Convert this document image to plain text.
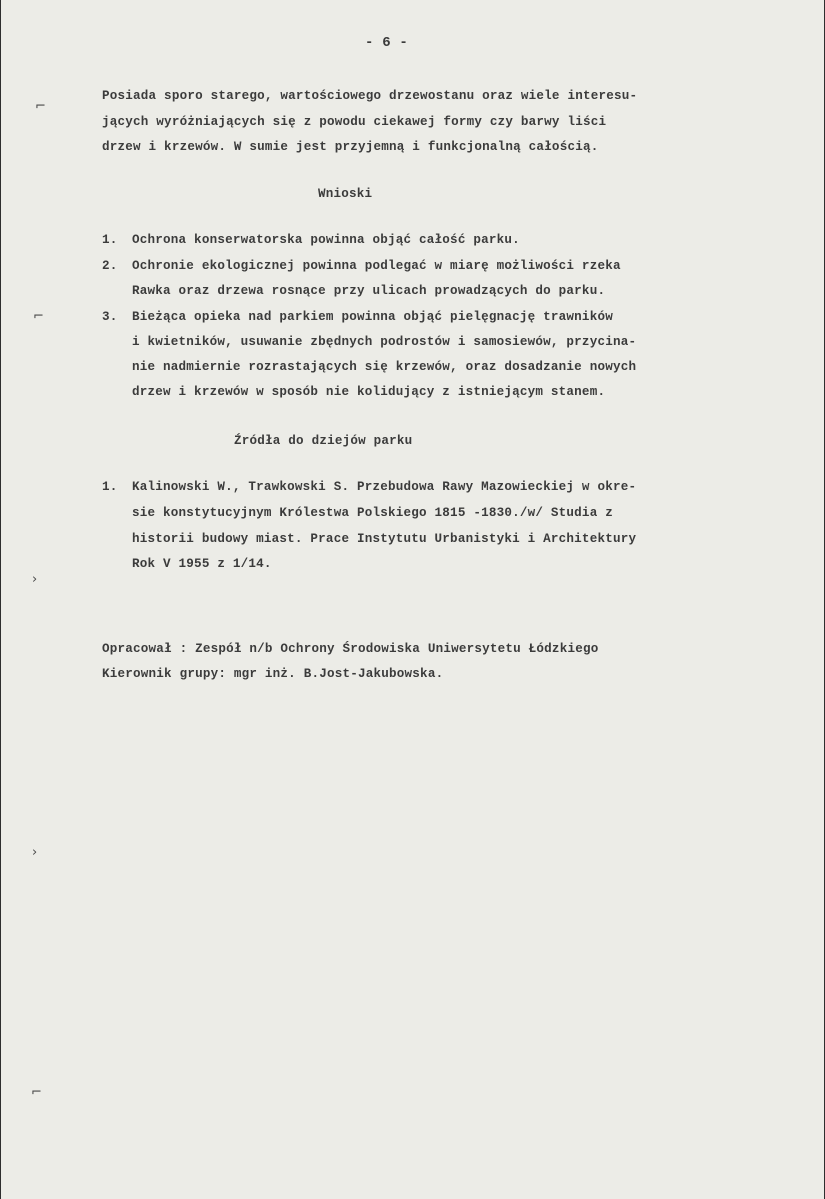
- 6 -

Posiada sporo starego, wartościowego drzewostanu oraz wiele interesu-

jących wyróżniających się z powodu ciekawej formy czy barwy liści

drzew i krzewów. W sumie jest przyjemną i funkcjonalną całością.

Wnioski

1. Ochrona konserwatorska powinna objąć całość parku.

2. Ochronie ekologicznej powinna podlegać w miarę możliwości rzeka

Rawka oraz drzewa rosnące przy ulicach prowadzących do parku.

3. Bieżąca opieka nad parkiem powinna objąć pielęgnację trawników

i kwietników, usuwanie zbędnych podrostów i samosiewów, przycina-

nie nadmiernie rozrastających się krzewów, oraz dosadzanie nowych

drzew i krzewów w sposób nie kolidujący z istniejącym stanem.

Źródła do dziejów parku

1. Kalinowski W., Trawkowski S. Przebudowa Rawy Mazowieckiej w okre-

sie konstytucyjnym Królestwa Polskiego 1815 -1830./w/ Studia z

historii budowy miast. Prace Instytutu Urbanistyki i Architektury

Rok V 1955 z 1/14.

Opracował : Zespół n/b Ochrony Środowiska Uniwersytetu Łódzkiego

Kierownik grupy: mgr inż. B.Jost-Jakubowska.

⌐
⌐
›
›
⌐
